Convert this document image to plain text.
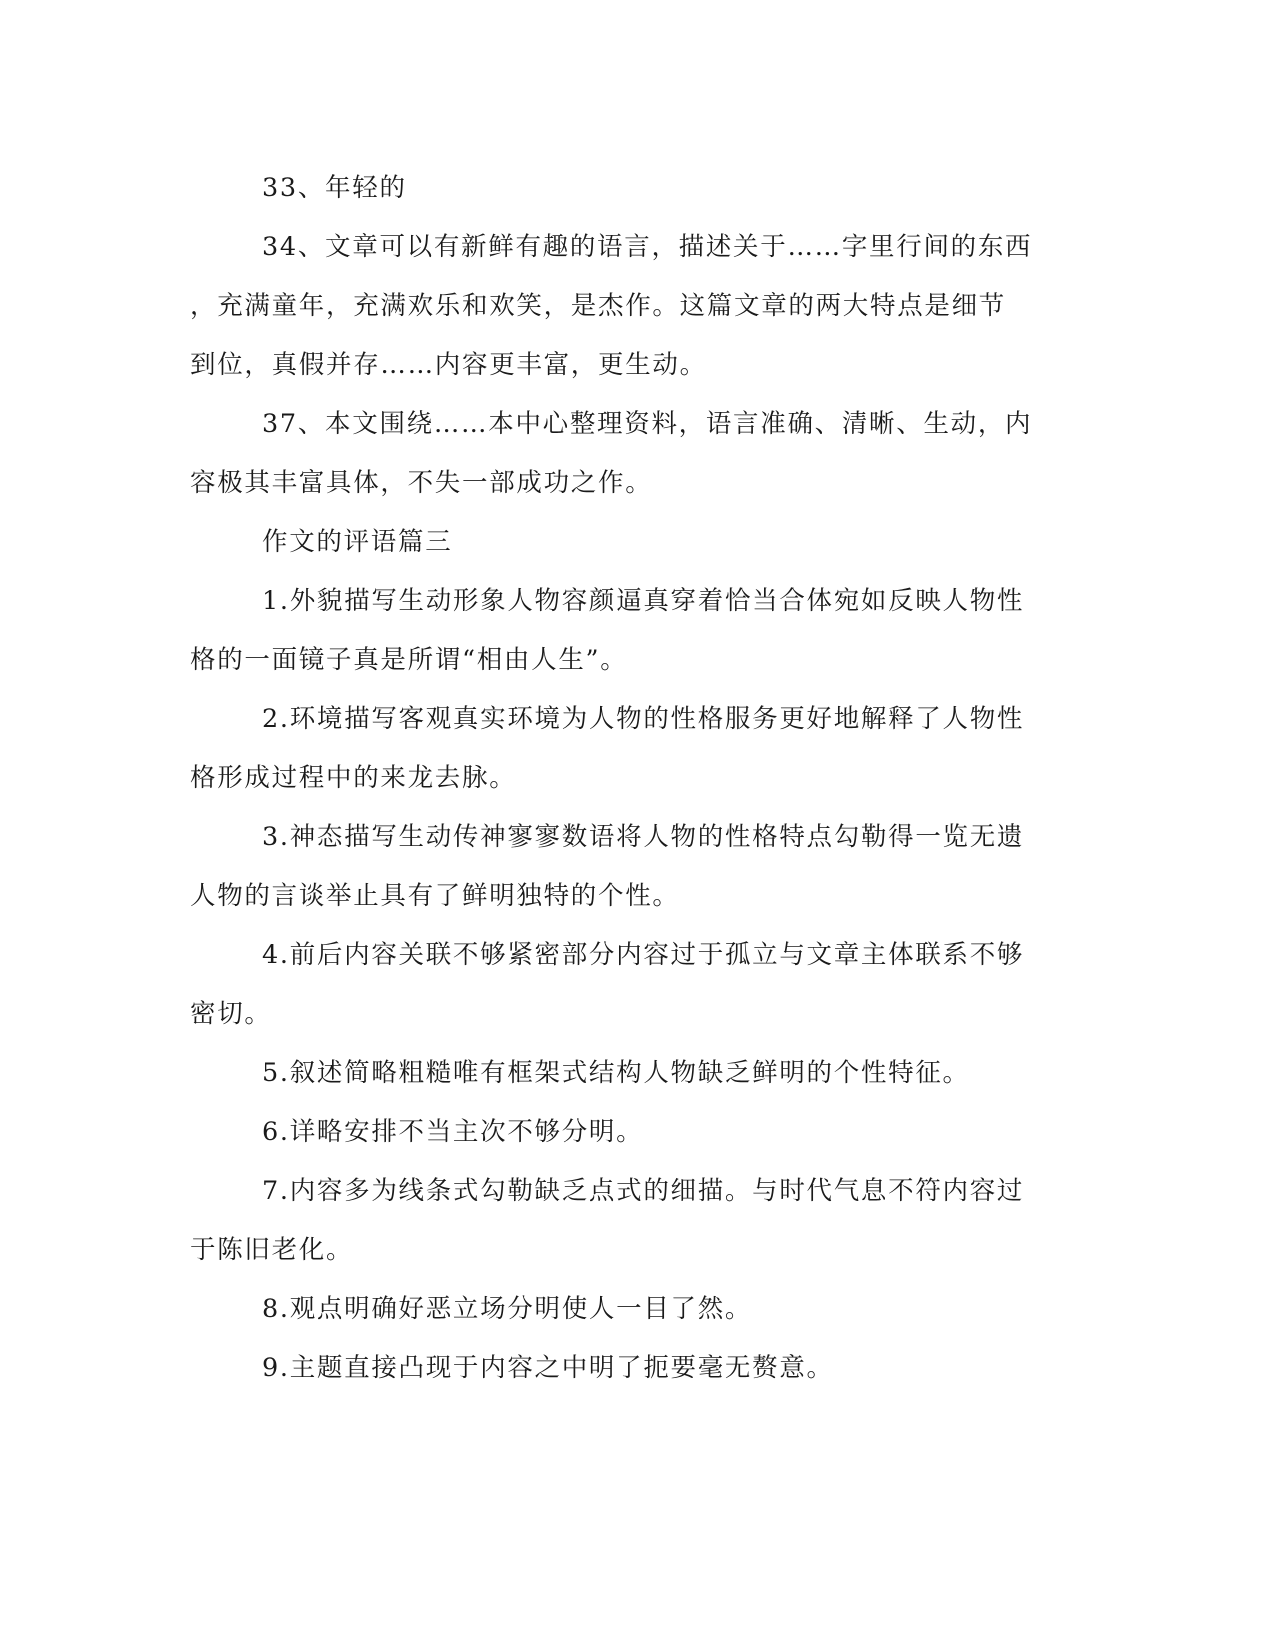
33、年轻的
34、文章可以有新鲜有趣的语言，描述关于……字里行间的东西
，充满童年，充满欢乐和欢笑，是杰作。这篇文章的两大特点是细节
到位，真假并存……内容更丰富，更生动。
37、本文围绕……本中心整理资料，语言准确、清晰、生动，内
容极其丰富具体，不失一部成功之作。
作文的评语篇三
1.外貌描写生动形象人物容颜逼真穿着恰当合体宛如反映人物性
格的一面镜子真是所谓“相由人生”。
2.环境描写客观真实环境为人物的性格服务更好地解释了人物性
格形成过程中的来龙去脉。
3.神态描写生动传神寥寥数语将人物的性格特点勾勒得一览无遗
人物的言谈举止具有了鲜明独特的个性。
4.前后内容关联不够紧密部分内容过于孤立与文章主体联系不够
密切。
5.叙述简略粗糙唯有框架式结构人物缺乏鲜明的个性特征。
6.详略安排不当主次不够分明。
7.内容多为线条式勾勒缺乏点式的细描。与时代气息不符内容过
于陈旧老化。
8.观点明确好恶立场分明使人一目了然。
9.主题直接凸现于内容之中明了扼要毫无赘意。
